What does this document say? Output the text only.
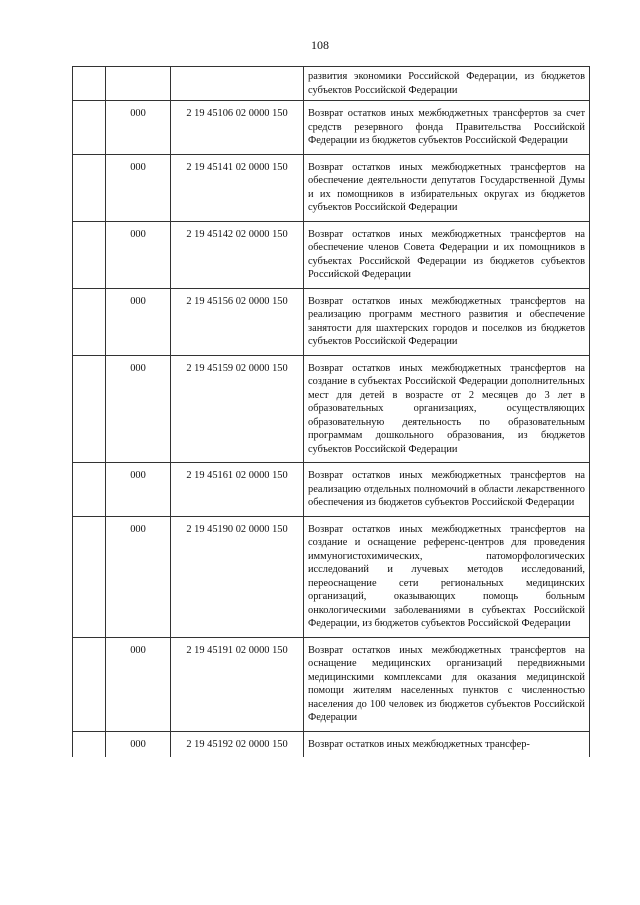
108
			развития экономики Российской Федерации, из бюджетов субъектов Российской Федерации
	000	2 19 45106 02 0000 150	Возврат остатков иных межбюджетных трансфертов за счет средств резервного фонда Правительства Российской Федерации из бюджетов субъектов Российской Федерации
	000	2 19 45141 02 0000 150	Возврат остатков иных межбюджетных трансфертов на обеспечение деятельности депутатов Государственной Думы и их помощников в избирательных округах из бюджетов субъектов Российской Федерации
	000	2 19 45142 02 0000 150	Возврат остатков иных межбюджетных трансфертов на обеспечение членов Совета Федерации и их помощников в субъектах Российской Федерации из бюджетов субъектов Российской Федерации
	000	2 19 45156 02 0000 150	Возврат остатков иных межбюджетных трансфертов на реализацию программ местного развития и обеспечение занятости для шахтерских городов и поселков из бюджетов субъектов Российской Федерации
	000	2 19 45159 02 0000 150	Возврат остатков иных межбюджетных трансфертов на создание в субъектах Российской Федерации дополнительных мест для детей в возрасте от 2 месяцев до 3 лет в образовательных организациях, осуществляющих образовательную деятельность по образовательным программам дошкольного образования, из бюджетов субъектов Российской Федерации
	000	2 19 45161 02 0000 150	Возврат остатков иных межбюджетных трансфертов на реализацию отдельных полномочий в области лекарственного обеспечения из бюджетов субъектов Российской Федерации
	000	2 19 45190 02 0000 150	Возврат остатков иных межбюджетных трансфертов на создание и оснащение референс-центров для проведения иммуногистохимических, патоморфологических исследований и лучевых методов исследований, переоснащение сети региональных медицинских организаций, оказывающих помощь больным онкологическими заболеваниями в субъектах Российской Федерации, из бюджетов субъектов Российской Федерации
	000	2 19 45191 02 0000 150	Возврат остатков иных межбюджетных трансфертов на оснащение медицинских организаций передвижными медицинскими комплексами для оказания медицинской помощи жителям населенных пунктов с численностью населения до 100 человек из бюджетов субъектов Российской Федерации
	000	2 19 45192 02 0000 150	Возврат остатков иных межбюджетных трансфер-
